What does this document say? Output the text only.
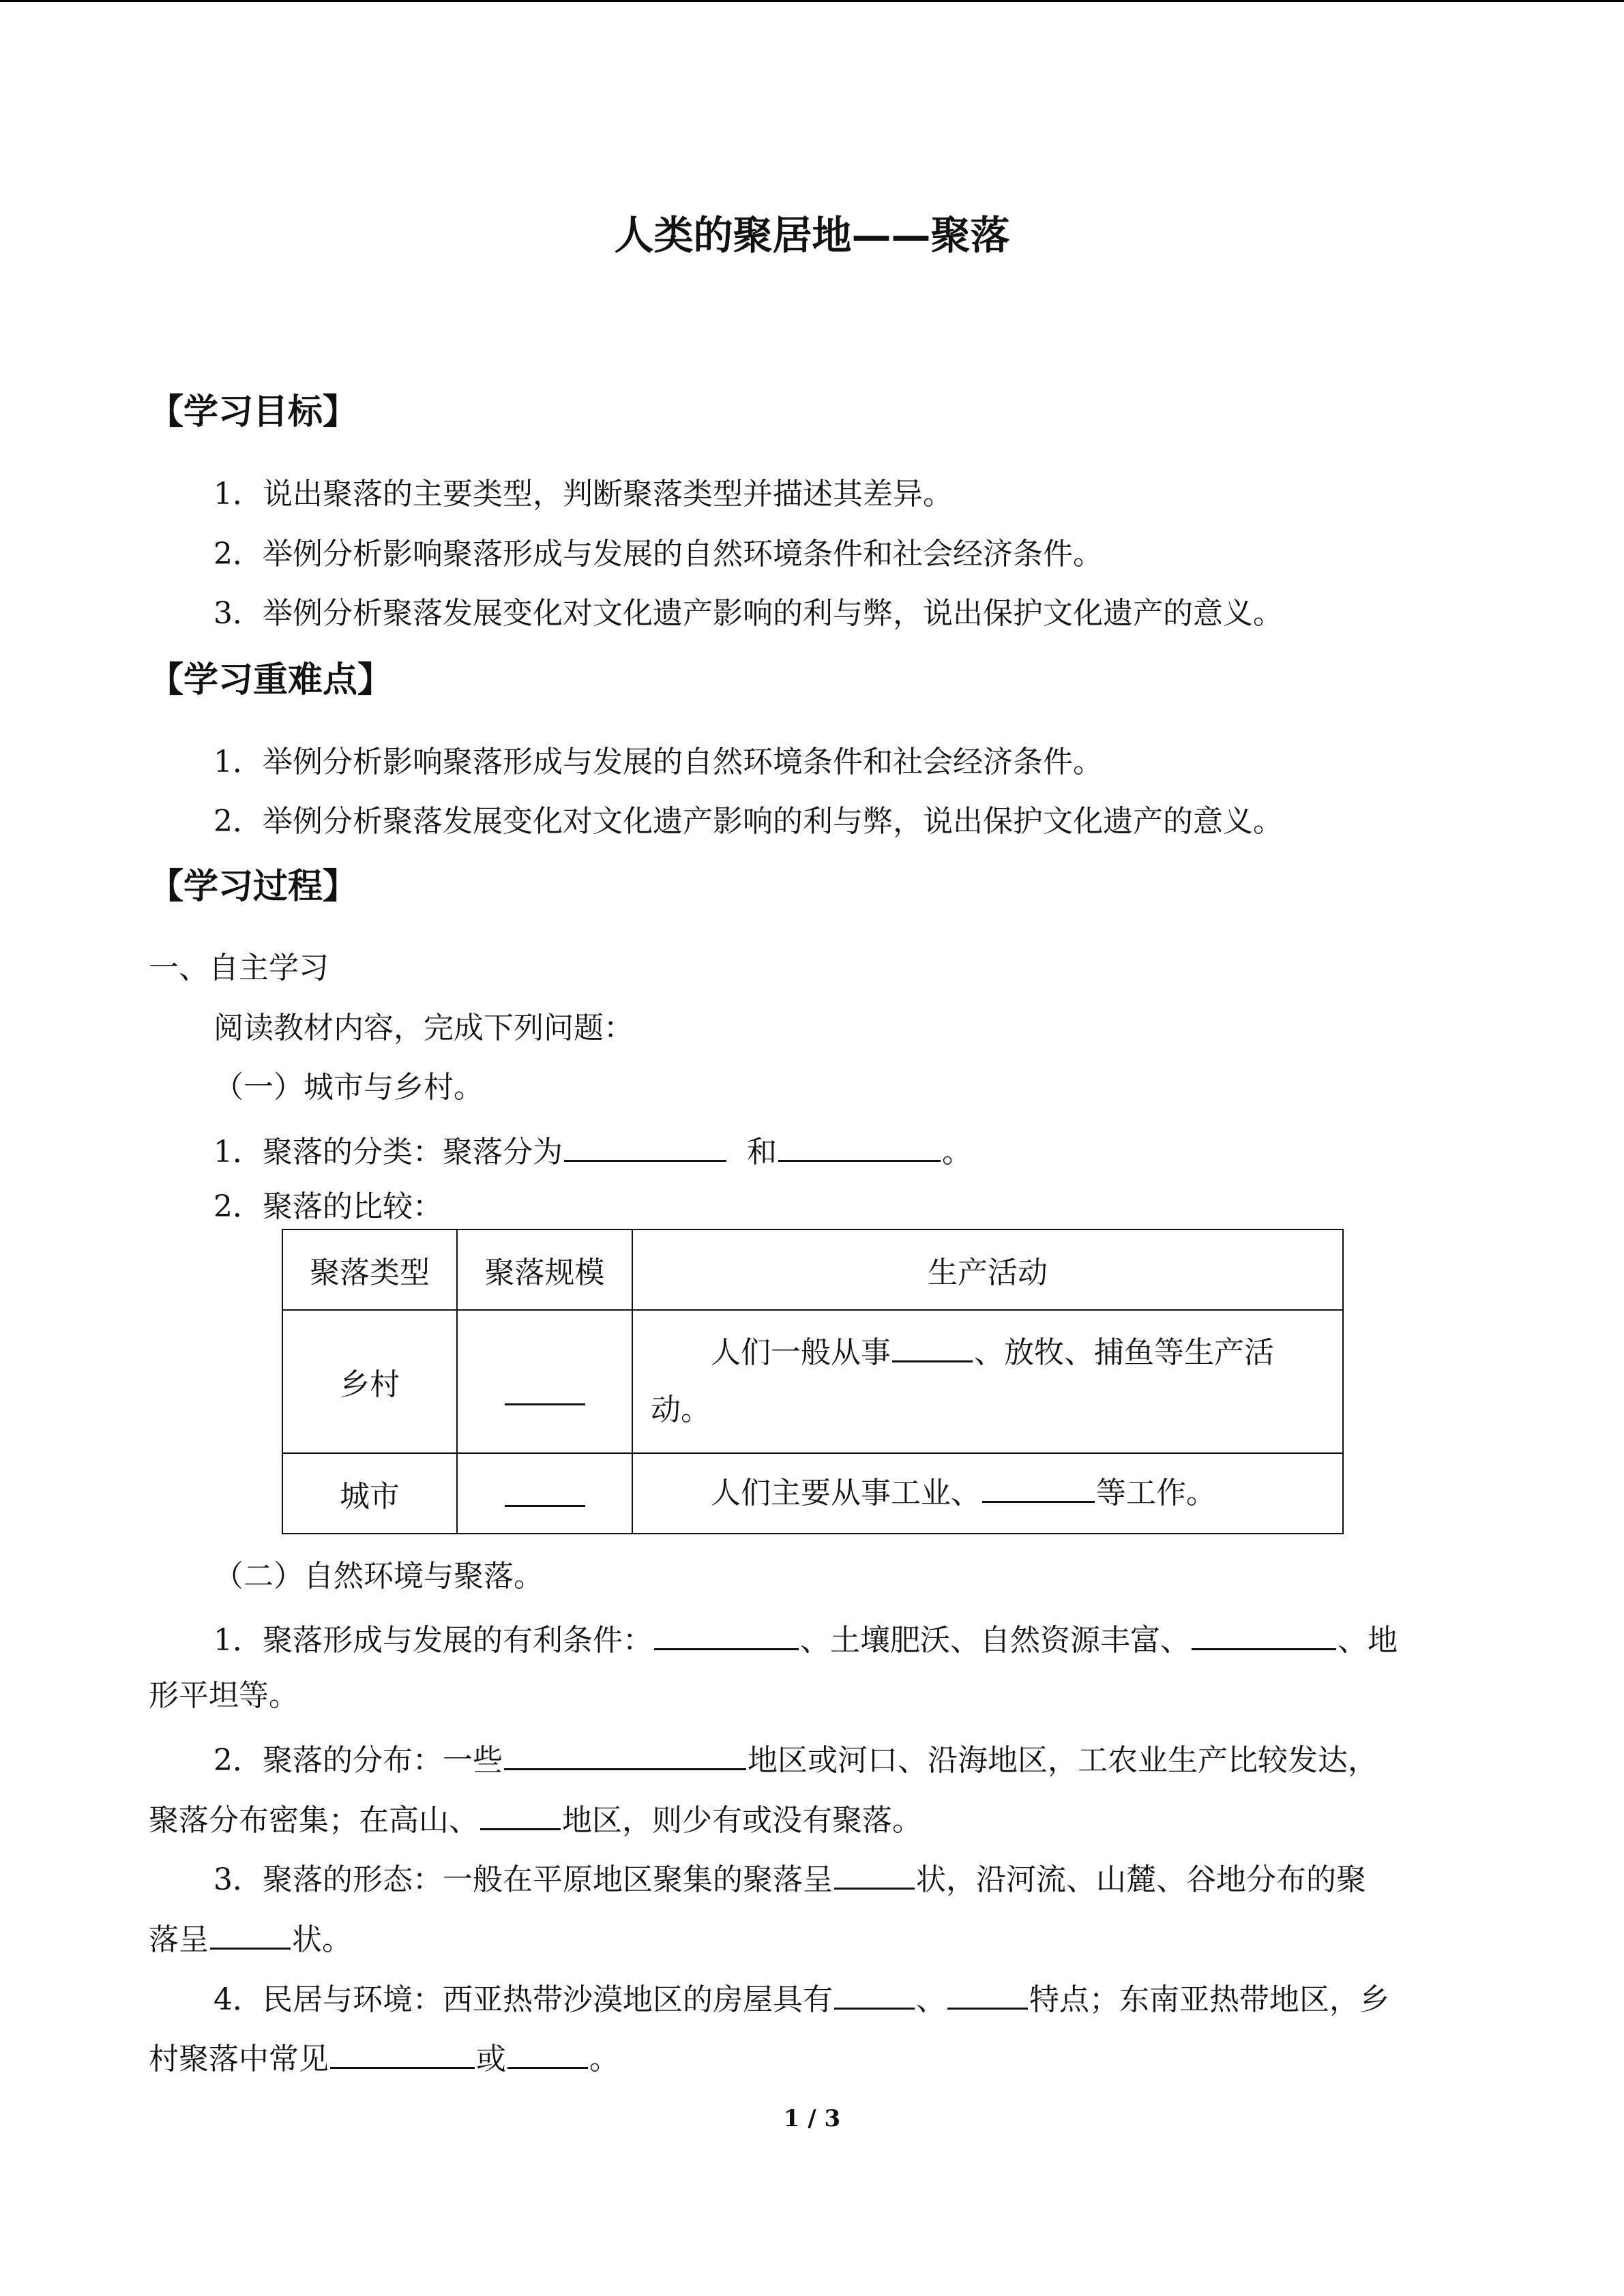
人类的聚居地——聚落
【学习目标】
1．说出聚落的主要类型，判断聚落类型并描述其差异。
2．举例分析影响聚落形成与发展的自然环境条件和社会经济条件。
3．举例分析聚落发展变化对文化遗产影响的利与弊，说出保护文化遗产的意义。
【学习重难点】
1．举例分析影响聚落形成与发展的自然环境条件和社会经济条件。
2．举例分析聚落发展变化对文化遗产影响的利与弊，说出保护文化遗产的意义。
【学习过程】
一、自主学习
阅读教材内容，完成下列问题：
（一）城市与乡村。
1．聚落的分类：聚落分为	和	。
2．聚落的比较：
聚落类型	聚落规模	生产活动
乡村		人们一般从事 、放牧、捕鱼等生产活
动。
城市		人们主要从事工业、 等工作。
（二）自然环境与聚落。
1．聚落形成与发展的有利条件：	、土壤肥沃、自然资源丰富、	、地
形平坦等。
2．聚落的分布：一些	地区或河口、沿海地区，工农业生产比较发达，
聚落分布密集；在高山、	地区，则少有或没有聚落。
3．聚落的形态：一般在平原地区聚集的聚落呈	状，沿河流、山麓、谷地分布的聚
落呈	状。
4．民居与环境：西亚热带沙漠地区的房屋具有	、	特点；东南亚热带地区，乡
村聚落中常见	或	。
1 / 3
